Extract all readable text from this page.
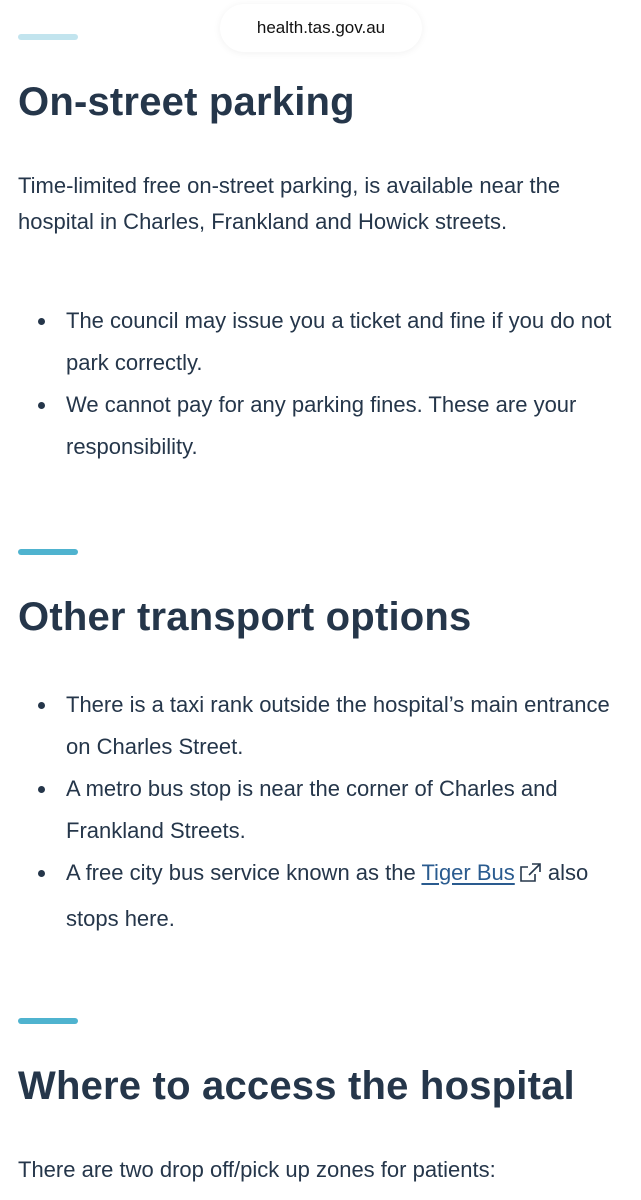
health.tas.gov.au
On-street parking

Time-limited free on-street parking, is available near the hospital in Charles, Frankland and Howick streets.

The council may issue you a ticket and fine if you do not park correctly.
We cannot pay for any parking fines. These are your responsibility.
Other transport options
There is a taxi rank outside the hospital’s main entrance on Charles Street.
A metro bus stop is near the corner of Charles and Frankland Streets.
A free city bus service known as the Tiger Bus also stops here.
Where to access the hospital

There are two drop off/pick up zones for patients:
